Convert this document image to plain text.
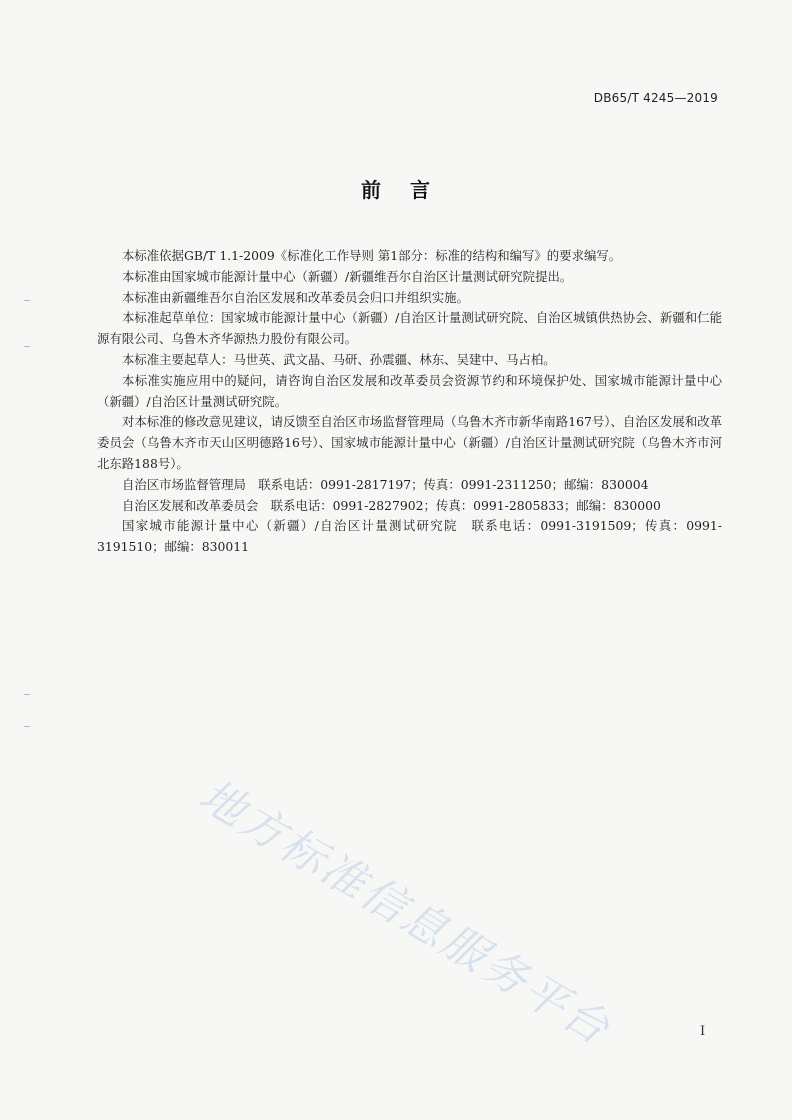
DB65/T 4245—2019
前 言

本标准依据GB/T 1.1-2009《标准化工作导则 第1部分：标准的结构和编写》的要求编写。

本标准由国家城市能源计量中心（新疆）/新疆维吾尔自治区计量测试研究院提出。

本标准由新疆维吾尔自治区发展和改革委员会归口并组织实施。

本标准起草单位：国家城市能源计量中心（新疆）/自治区计量测试研究院、自治区城镇供热协会、新疆和仁能源有限公司、乌鲁木齐华源热力股份有限公司。

本标准主要起草人：马世英、武文晶、马研、孙震疆、林东、吴建中、马占柏。

本标准实施应用中的疑问，请咨询自治区发展和改革委员会资源节约和环境保护处、国家城市能源计量中心（新疆）/自治区计量测试研究院。

对本标准的修改意见建议，请反馈至自治区市场监督管理局（乌鲁木齐市新华南路167号）、自治区发展和改革委员会（乌鲁木齐市天山区明德路16号）、国家城市能源计量中心（新疆）/自治区计量测试研究院（乌鲁木齐市河北东路188号）。

自治区市场监督管理局　联系电话：0991-2817197；传真：0991-2311250；邮编：830004

自治区发展和改革委员会　联系电话：0991-2827902；传真：0991-2805833；邮编：830000

国家城市能源计量中心（新疆）/自治区计量测试研究院　联系电话：0991-3191509；传真：0991-3191510；邮编：830011

地方标准信息服务平台	I
